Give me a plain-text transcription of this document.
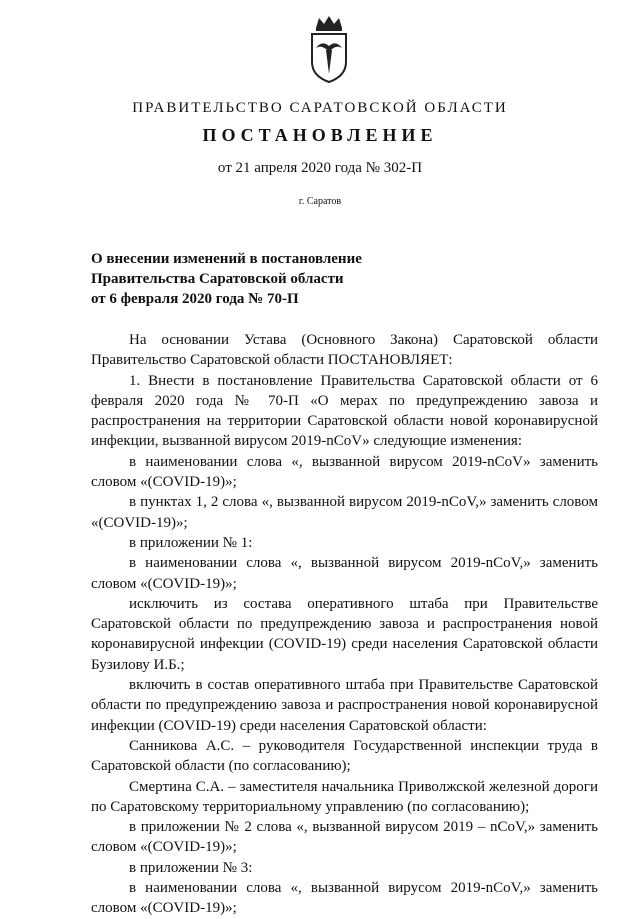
ПРАВИТЕЛЬСТВО САРАТОВСКОЙ ОБЛАСТИ
ПОСТАНОВЛЕНИЕ
от 21 апреля 2020 года № 302-П
г. Саратов
О внесении изменений в постановление
Правительства Саратовской области
от 6 февраля 2020 года № 70-П

На основании Устава (Основного Закона) Саратовской области Правительство Саратовской области ПОСТАНОВЛЯЕТ:

1. Внести в постановление Правительства Саратовской области от 6 февраля 2020 года № 70-П «О мерах по предупреждению завоза и распространения на территории Саратовской области новой коронавирусной инфекции, вызванной вирусом 2019-nCoV» следующие изменения:

в наименовании слова «, вызванной вирусом 2019-nCoV» заменить словом «(COVID-19)»;

в пунктах 1, 2 слова «, вызванной вирусом 2019-nCoV,» заменить словом «(COVID-19)»;

в приложении № 1:

в наименовании слова «, вызванной вирусом 2019-nCoV,» заменить словом «(COVID-19)»;

исключить из состава оперативного штаба при Правительстве Саратовской области по предупреждению завоза и распространения новой коронавирусной инфекции (COVID-19) среди населения Саратовской области Бузилову И.Б.;

включить в состав оперативного штаба при Правительстве Саратовской области по предупреждению завоза и распространения новой коронавирусной инфекции (COVID-19) среди населения Саратовской области:

Санникова А.С. – руководителя Государственной инспекции труда в Саратовской области (по согласованию);

Смертина С.А. – заместителя начальника Приволжской железной дороги по Саратовскому территориальному управлению (по согласованию);

в приложении № 2 слова «, вызванной вирусом 2019 – nCoV,» заменить словом «(COVID-19)»;

в приложении № 3:

в наименовании слова «, вызванной вирусом 2019-nCoV,» заменить словом «(COVID-19)»;
